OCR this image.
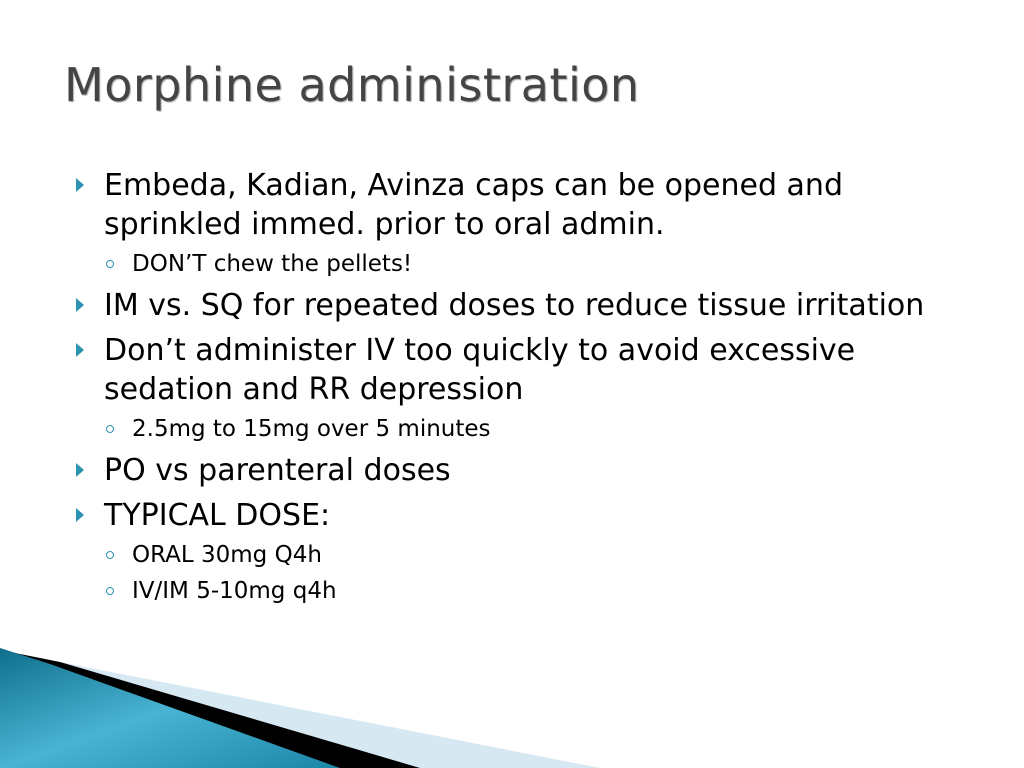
Morphine administration
Embeda, Kadian, Avinza caps can be opened and sprinkled immed. prior to oral admin.
DON’T chew the pellets!
IM vs. SQ for repeated doses to reduce tissue irritation
Don’t administer IV too quickly to avoid excessive sedation and RR depression
2.5mg to 15mg over 5 minutes
PO vs parenteral doses
TYPICAL DOSE:
ORAL 30mg Q4h
IV/IM 5-10mg q4h
